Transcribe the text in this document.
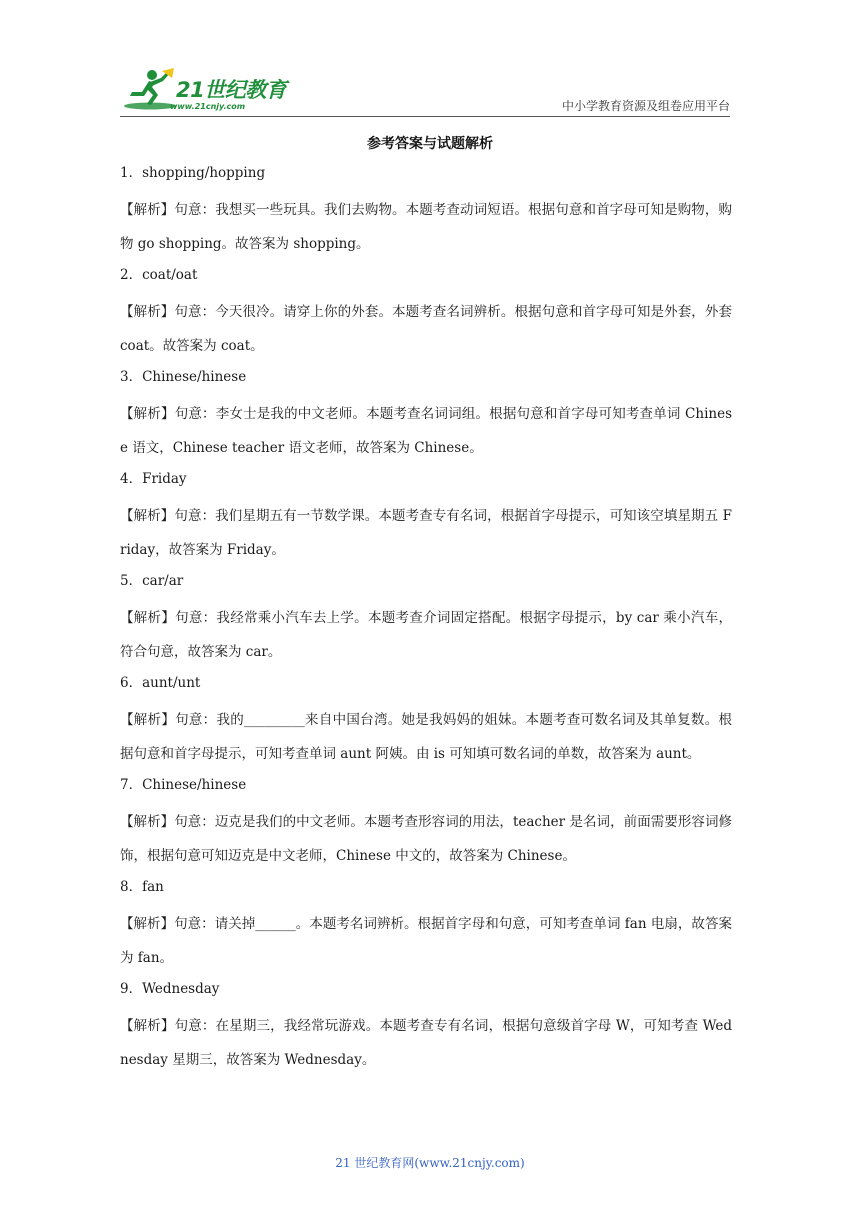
21世纪教育
www.21cnjy.com	中小学教育资源及组卷应用平台
参考答案与试题解析
1．shopping/hopping
【解析】句意：我想买一些玩具。我们去购物。本题考查动词短语。根据句意和首字母可知是购物，购物 go shopping。故答案为 shopping。
2．coat/oat
【解析】句意：今天很冷。请穿上你的外套。本题考查名词辨析。根据句意和首字母可知是外套，外套 coat。故答案为 coat。
3．Chinese/hinese
【解析】句意：李女士是我的中文老师。本题考查名词词组。根据句意和首字母可知考查单词 Chinese 语文，Chinese teacher 语文老师，故答案为 Chinese。
4．Friday
【解析】句意：我们星期五有一节数学课。本题考查专有名词，根据首字母提示，可知该空填星期五 Friday，故答案为 Friday。
5．car/ar
【解析】句意：我经常乘小汽车去上学。本题考查介词固定搭配。根据字母提示，by car 乘小汽车，符合句意，故答案为 car。
6．aunt/unt
【解析】句意：我的_________来自中国台湾。她是我妈妈的姐妹。本题考查可数名词及其单复数。根据句意和首字母提示，可知考查单词 aunt 阿姨。由 is 可知填可数名词的单数，故答案为 aunt。
7．Chinese/hinese
【解析】句意：迈克是我们的中文老师。本题考查形容词的用法，teacher 是名词，前面需要形容词修饰，根据句意可知迈克是中文老师，Chinese 中文的，故答案为 Chinese。
8．fan
【解析】句意：请关掉______。本题考名词辨析。根据首字母和句意，可知考查单词 fan 电扇，故答案为 fan。
9．Wednesday
【解析】句意：在星期三，我经常玩游戏。本题考查专有名词，根据句意级首字母 W，可知考查 Wednesday 星期三，故答案为 Wednesday。
21 世纪教育网(www.21cnjy.com)
